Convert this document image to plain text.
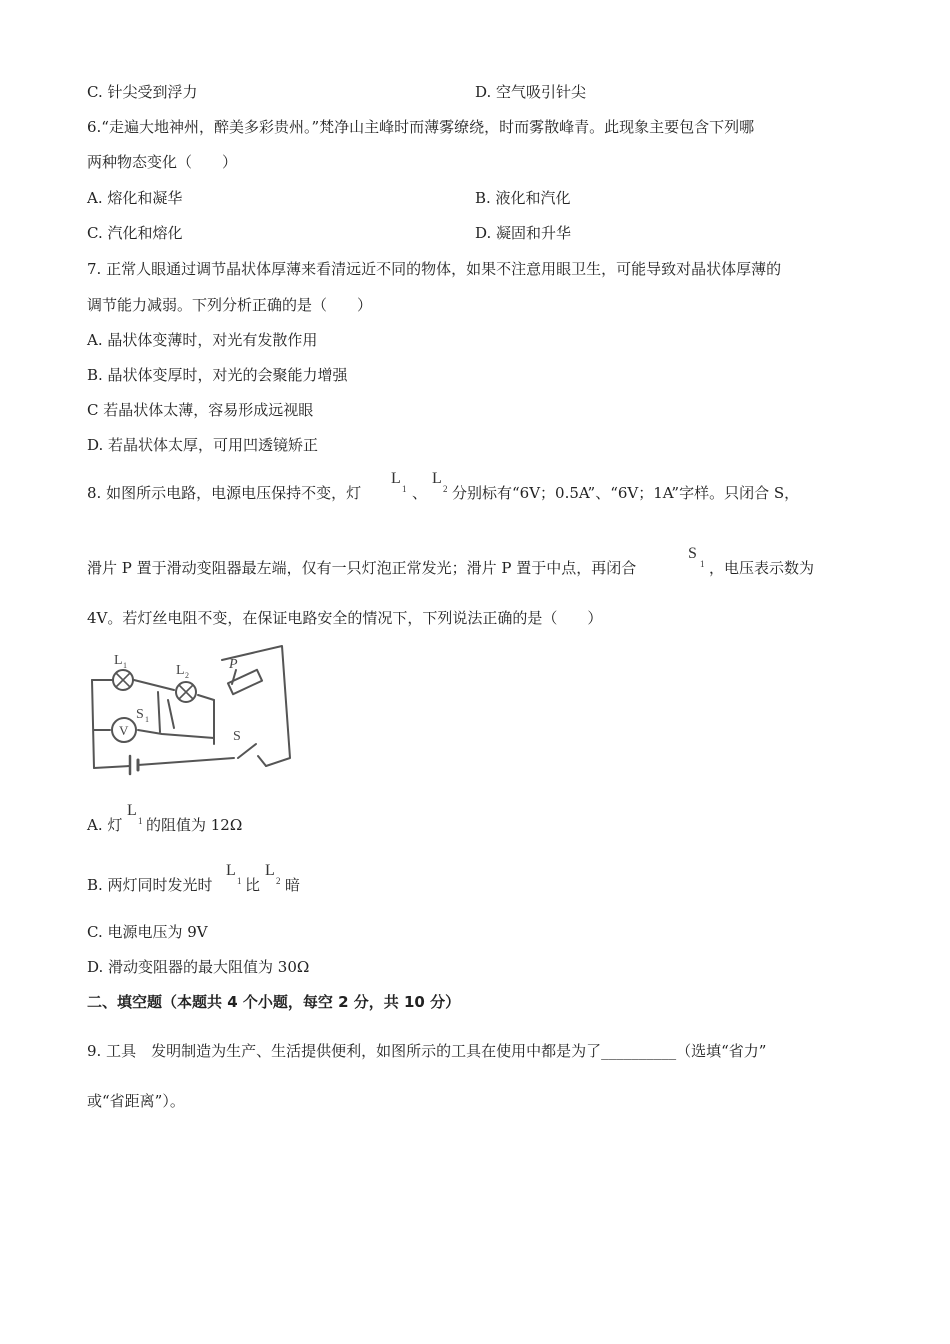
C. 针尖受到浮力	D. 空气吸引针尖
6.“走遍大地神州，醉美多彩贵州。”梵净山主峰时而薄雾缭绕，时而雾散峰青。此现象主要包含下列哪
两种物态变化（　　）
A. 熔化和凝华	B. 液化和汽化
C. 汽化和熔化	D. 凝固和升华
7. 正常人眼通过调节晶状体厚薄来看清远近不同的物体，如果不注意用眼卫生，可能导致对晶状体厚薄的
调节能力减弱。下列分析正确的是（　　）
A. 晶状体变薄时，对光有发散作用
B. 晶状体变厚时，对光的会聚能力增强
C 若晶状体太薄，容易形成远视眼
D. 若晶状体太厚，可用凹透镜矫正
8. 如图所示电路，电源电压保持不变，灯
L
1 、
L
2 分别标有“6V；0.5A”、“6V；1A”字样。只闭合 S，
滑片 P 置于滑动变阻器最左端，仅有一只灯泡正常发光；滑片 P 置于中点，再闭合
S
1 ，电压表示数为
4V。若灯丝电阻不变，在保证电路安全的情况下，下列说法正确的是（　　）
L 1	L 2
S 1
S
P
V
A. 灯
L
1 的阻值为 12Ω
B. 两灯同时发光时
L
1 比
L
2 暗
C. 电源电压为 9V
D. 滑动变阻器的最大阻值为 30Ω
二、填空题（本题共 4 个小题，每空 2 分，共 10 分）
9. 工具　发明制造为生产、生活提供便利，如图所示的工具在使用中都是为了__________（选填“省力”
或“省距离”）。
